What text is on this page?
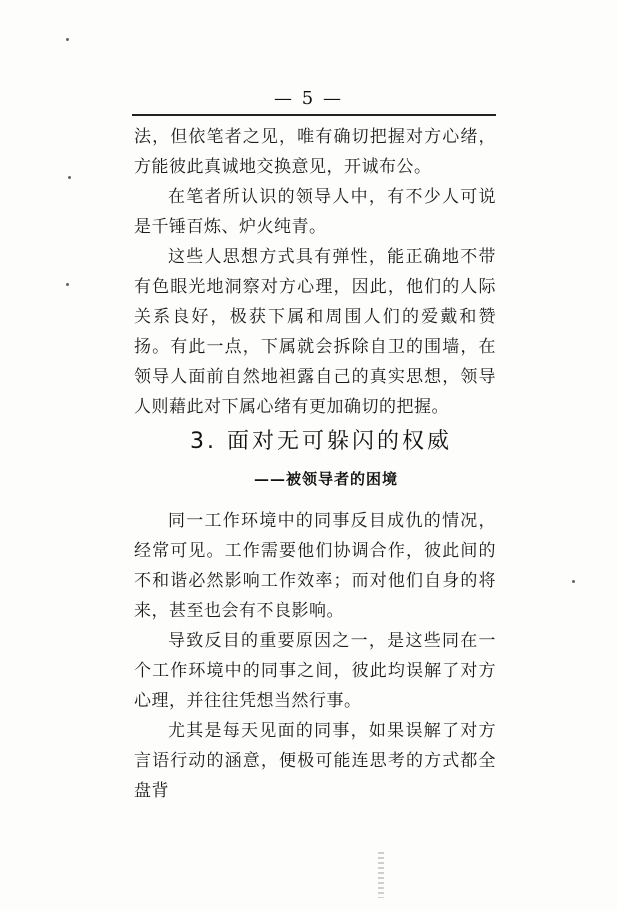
— 5 —

法，但依笔者之见，唯有确切把握对方心绪，方能彼此真诚地交换意见，开诚布公。

在笔者所认识的领导人中，有不少人可说是千锤百炼、炉火纯青。

这些人思想方式具有弹性，能正确地不带有色眼光地洞察对方心理，因此，他们的人际关系良好，极获下属和周围人们的爱戴和赞扬。有此一点，下属就会拆除自卫的围墙，在领导人面前自然地袒露自己的真实思想，领导人则藉此对下属心绪有更加确切的把握。

3. 面对无可躲闪的权威
——被领导者的困境

同一工作环境中的同事反目成仇的情况，经常可见。工作需要他们协调合作，彼此间的不和谐必然影响工作效率；而对他们自身的将来，甚至也会有不良影响。

导致反目的重要原因之一，是这些同在一个工作环境中的同事之间，彼此均误解了对方心理，并往往凭想当然行事。

尤其是每天见面的同事，如果误解了对方言语行动的涵意，便极可能连思考的方式都全盘背
